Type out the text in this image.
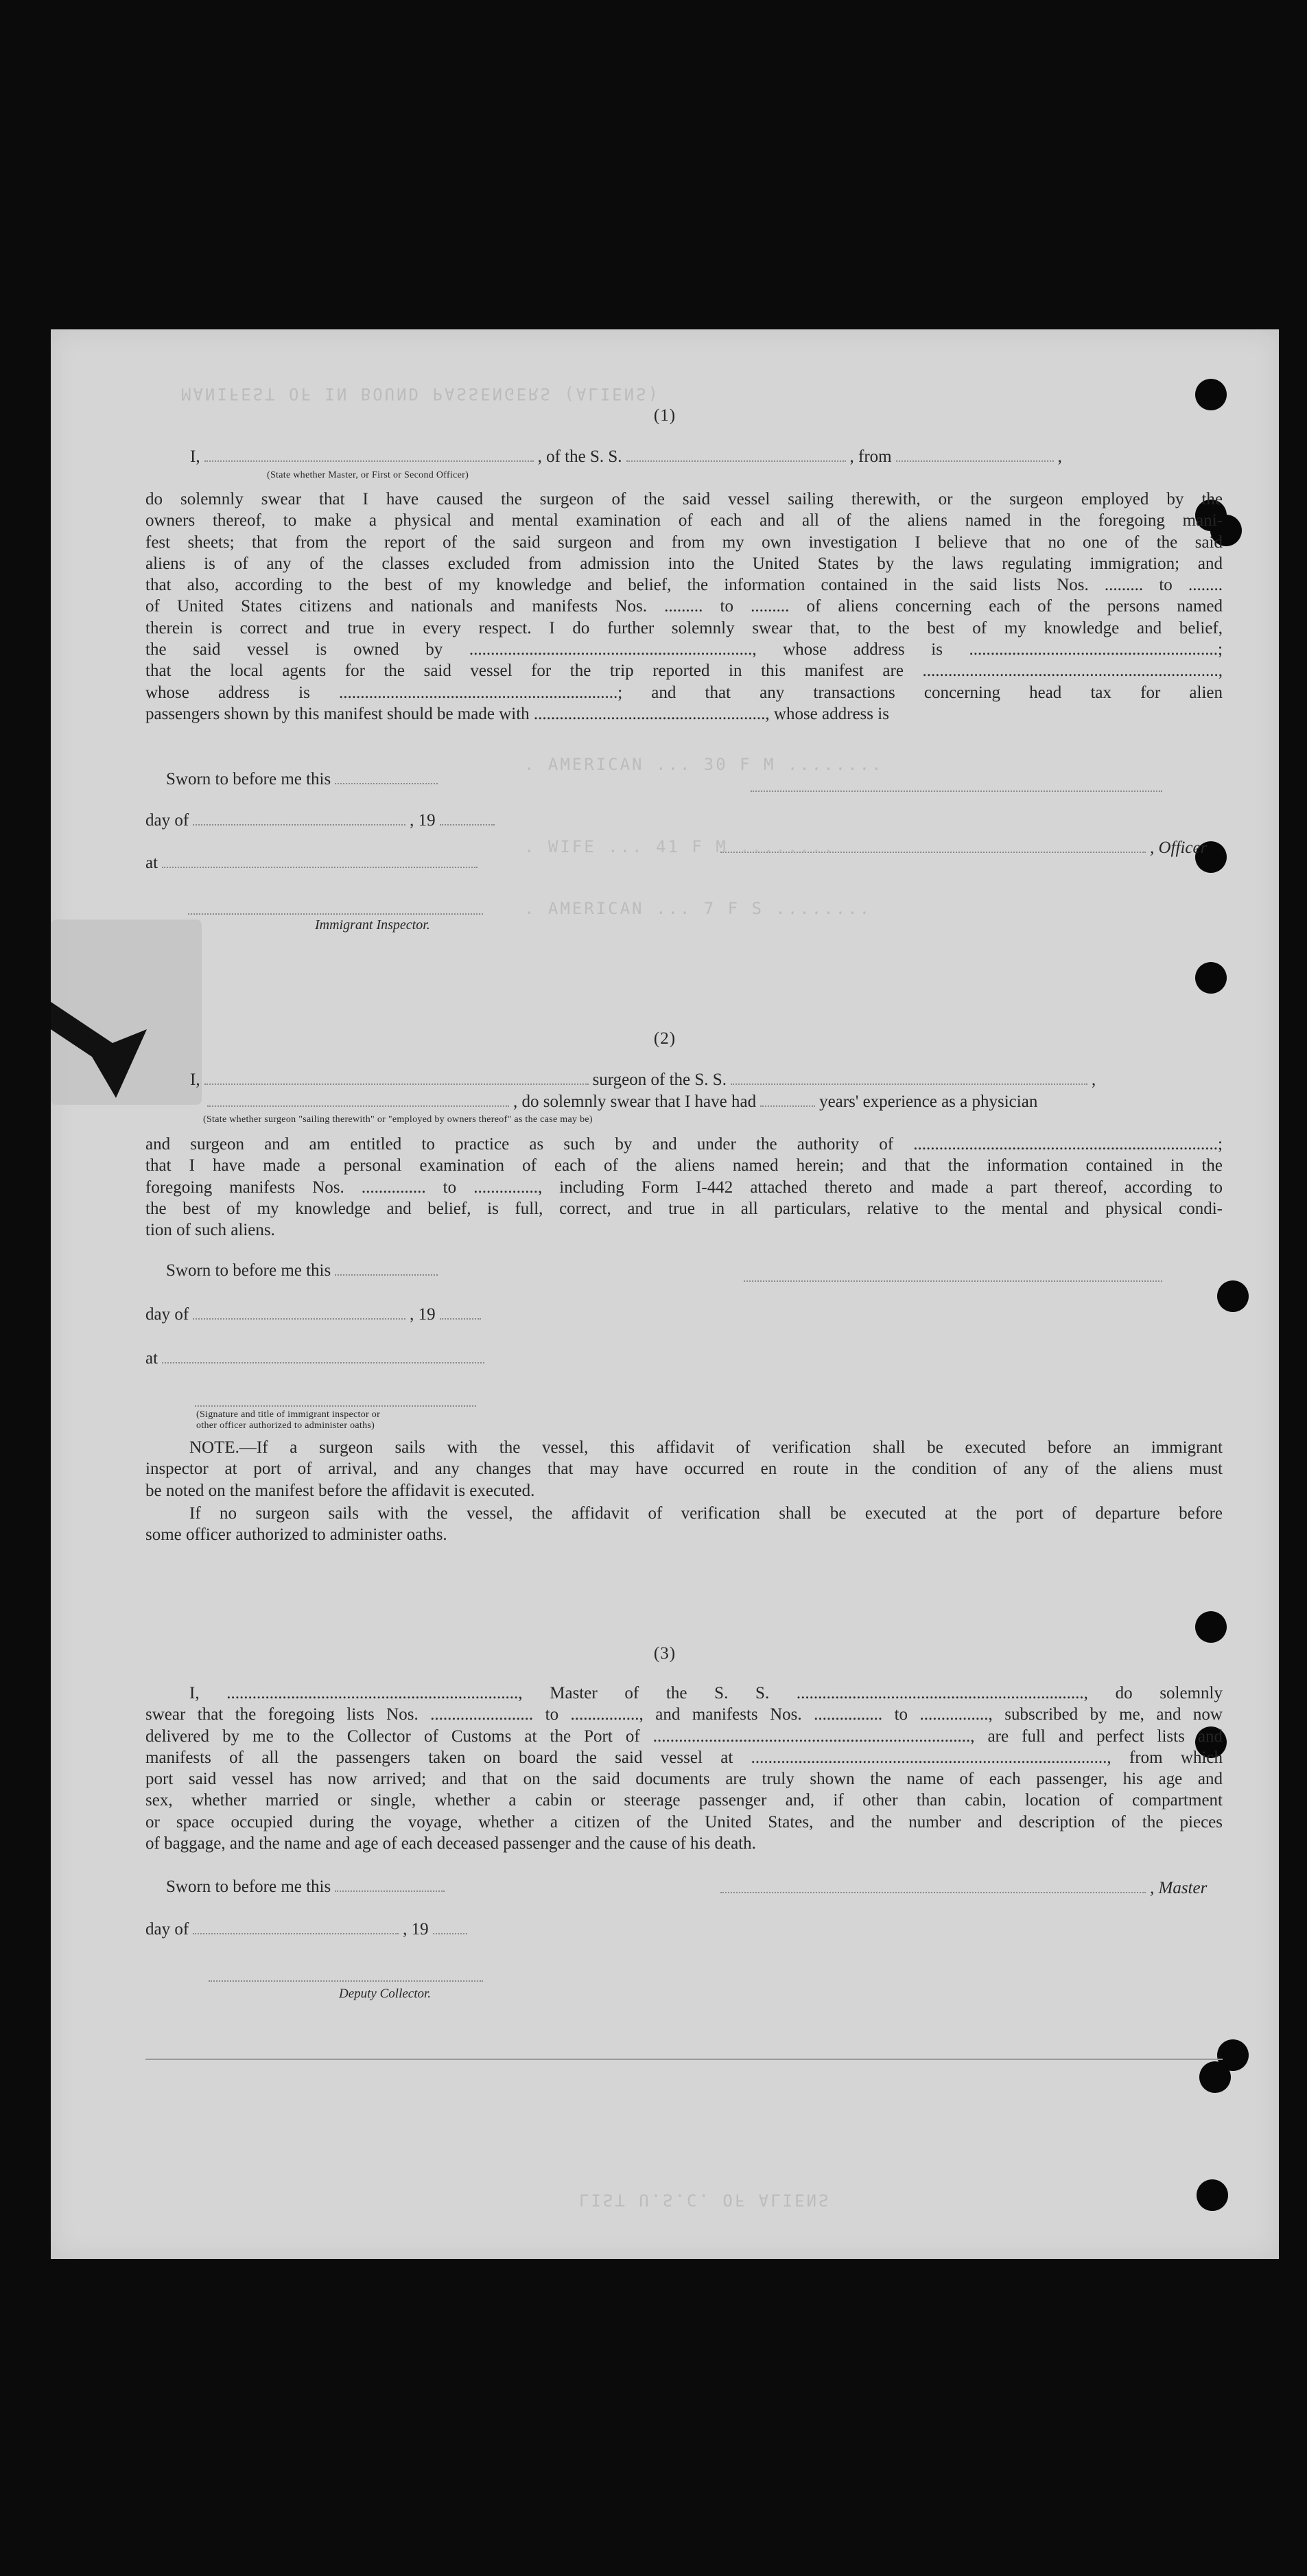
MANIFEST OF IN BOUND PASSENGERS (ALIENS)
(1)
I,	, of the S. S.	, from	,
(State whether Master, or First or Second Officer)
do solemnly swear that I have caused the surgeon of the said vessel sailing therewith, or the surgeon employed by the
owners thereof, to make a physical and mental examination of each and all of the aliens named in the foregoing mani-
fest sheets; that from the report of the said surgeon and from my own investigation I believe that no one of the said
aliens is of any of the classes excluded from admission into the United States by the laws regulating immigration; and
that also, according to the best of my knowledge and belief, the information contained in the said lists Nos. ......... to ........
of United States citizens and nationals and manifests Nos. ......... to ......... of aliens concerning each of the persons named
therein is correct and true in every respect. I do further solemnly swear that, to the best of my knowledge and belief,
the said vessel is owned by .................................................................., whose address is ..........................................................;
that the local agents for the said vessel for the trip reported in this manifest are .....................................................................,
whose address is .................................................................; and that any transactions concerning head tax for alien
passengers shown by this manifest should be made with ......................................................, whose address is
Sworn to before me this
day of	, 19
at
, Officer
Immigrant Inspector.
. AMERICAN ... 30 F M ........
. WIFE ... 41 F M ........
. AMERICAN ... 7 F S ........
(2)
I,	surgeon of the S. S.	,
, do solemnly swear that I have had	years' experience as a physician
(State whether surgeon "sailing therewith" or "employed by owners thereof" as the case may be)
and surgeon and am entitled to practice as such by and under the authority of .......................................................................;
that I have made a personal examination of each of the aliens named herein; and that the information contained in the
foregoing manifests Nos. ............... to ..............., including Form I-442 attached thereto and made a part thereof, according to
the best of my knowledge and belief, is full, correct, and true in all particulars, relative to the mental and physical condi-
tion of such aliens.
Sworn to before me this
day of	, 19
at
(Signature and title of immigrant inspector or
other officer authorized to administer oaths)
NOTE.—If a surgeon sails with the vessel, this affidavit of verification shall be executed before an immigrant
inspector at port of arrival, and any changes that may have occurred en route in the condition of any of the aliens must
be noted on the manifest before the affidavit is executed.
If no surgeon sails with the vessel, the affidavit of verification shall be executed at the port of departure before
some officer authorized to administer oaths.
(3)
I, ...................................................................., Master of the S. S. ..................................................................., do solemnly
swear that the foregoing lists Nos. ........................ to ................, and manifests Nos. ................ to ................, subscribed by me, and now
delivered by me to the Collector of Customs at the Port of .........................................................................., are full and perfect lists and
manifests of all the passengers taken on board the said vessel at ..................................................................................., from which
port said vessel has now arrived; and that on the said documents are truly shown the name of each passenger, his age and
sex, whether married or single, whether a cabin or steerage passenger and, if other than cabin, location of compartment
or space occupied during the voyage, whether a citizen of the United States, and the number and description of the pieces
of baggage, and the name and age of each deceased passenger and the cause of his death.
Sworn to before me this	, Master
day of	, 19
Deputy Collector.
LIST U.S.C. OF ALIENS
